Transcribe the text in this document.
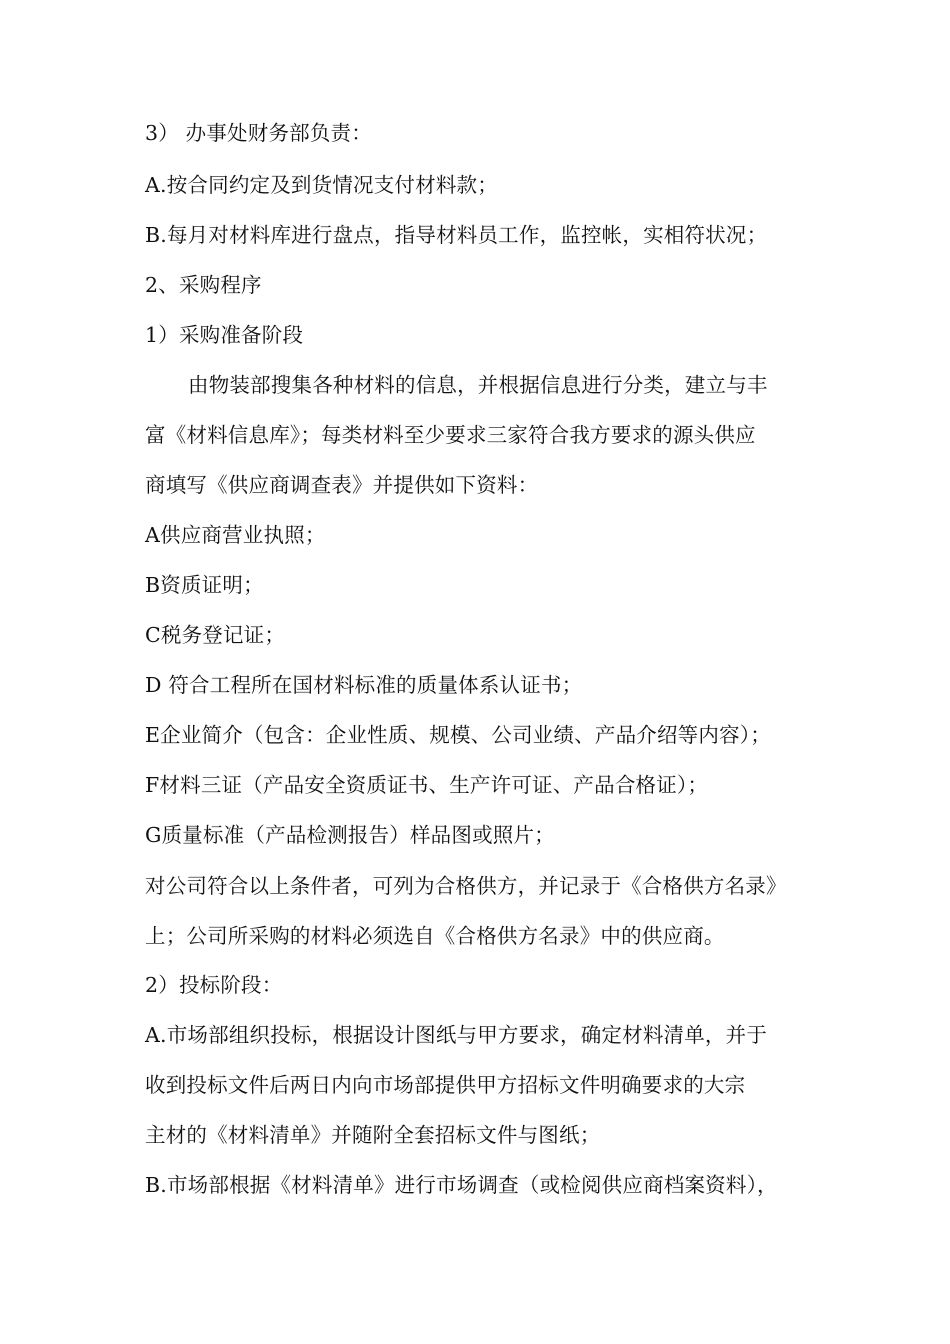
3） 办事处财务部负责：
A.按合同约定及到货情况支付材料款；
B.每月对材料库进行盘点，指导材料员工作，监控帐，实相符状况；
2、采购程序
1）采购准备阶段
由物装部搜集各种材料的信息，并根据信息进行分类，建立与丰
富《材料信息库》；每类材料至少要求三家符合我方要求的源头供应
商填写《供应商调查表》并提供如下资料：
A供应商营业执照；
B资质证明；
C税务登记证；
D 符合工程所在国材料标准的质量体系认证书；
E企业简介（包含：企业性质、规模、公司业绩、产品介绍等内容）；
F材料三证（产品安全资质证书、生产许可证、产品合格证）；
G质量标准（产品检测报告）样品图或照片；
对公司符合以上条件者，可列为合格供方，并记录于《合格供方名录》
上；公司所采购的材料必须选自《合格供方名录》中的供应商。
2）投标阶段：
A.市场部组织投标，根据设计图纸与甲方要求，确定材料清单，并于
收到投标文件后两日内向市场部提供甲方招标文件明确要求的大宗
主材的《材料清单》并随附全套招标文件与图纸；
B.市场部根据《材料清单》进行市场调查（或检阅供应商档案资料），
